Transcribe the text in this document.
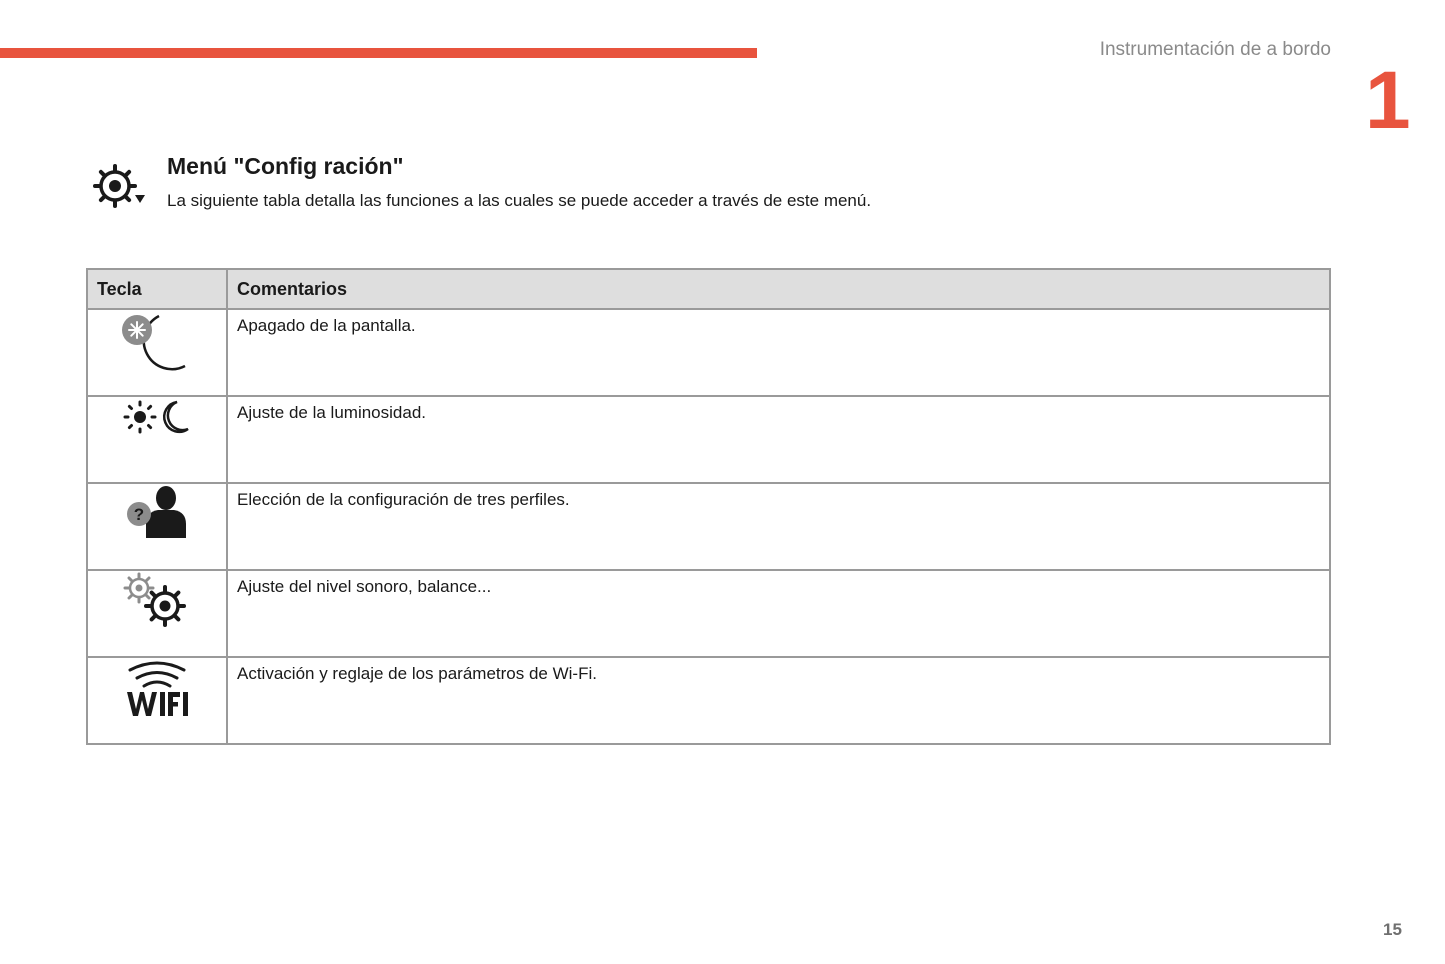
Instrumentación de a bordo
1
Menú "Config ración"
La siguiente tabla detalla las funciones a las cuales se puede acceder a través de este menú.
Tecla	Comentarios
	Apagado de la pantalla.
	Ajuste de la luminosidad.

?	Elección de la configuración de tres perfiles.
	Ajuste del nivel sonoro, balance...
	Activación y reglaje de los parámetros de Wi-Fi.
15
